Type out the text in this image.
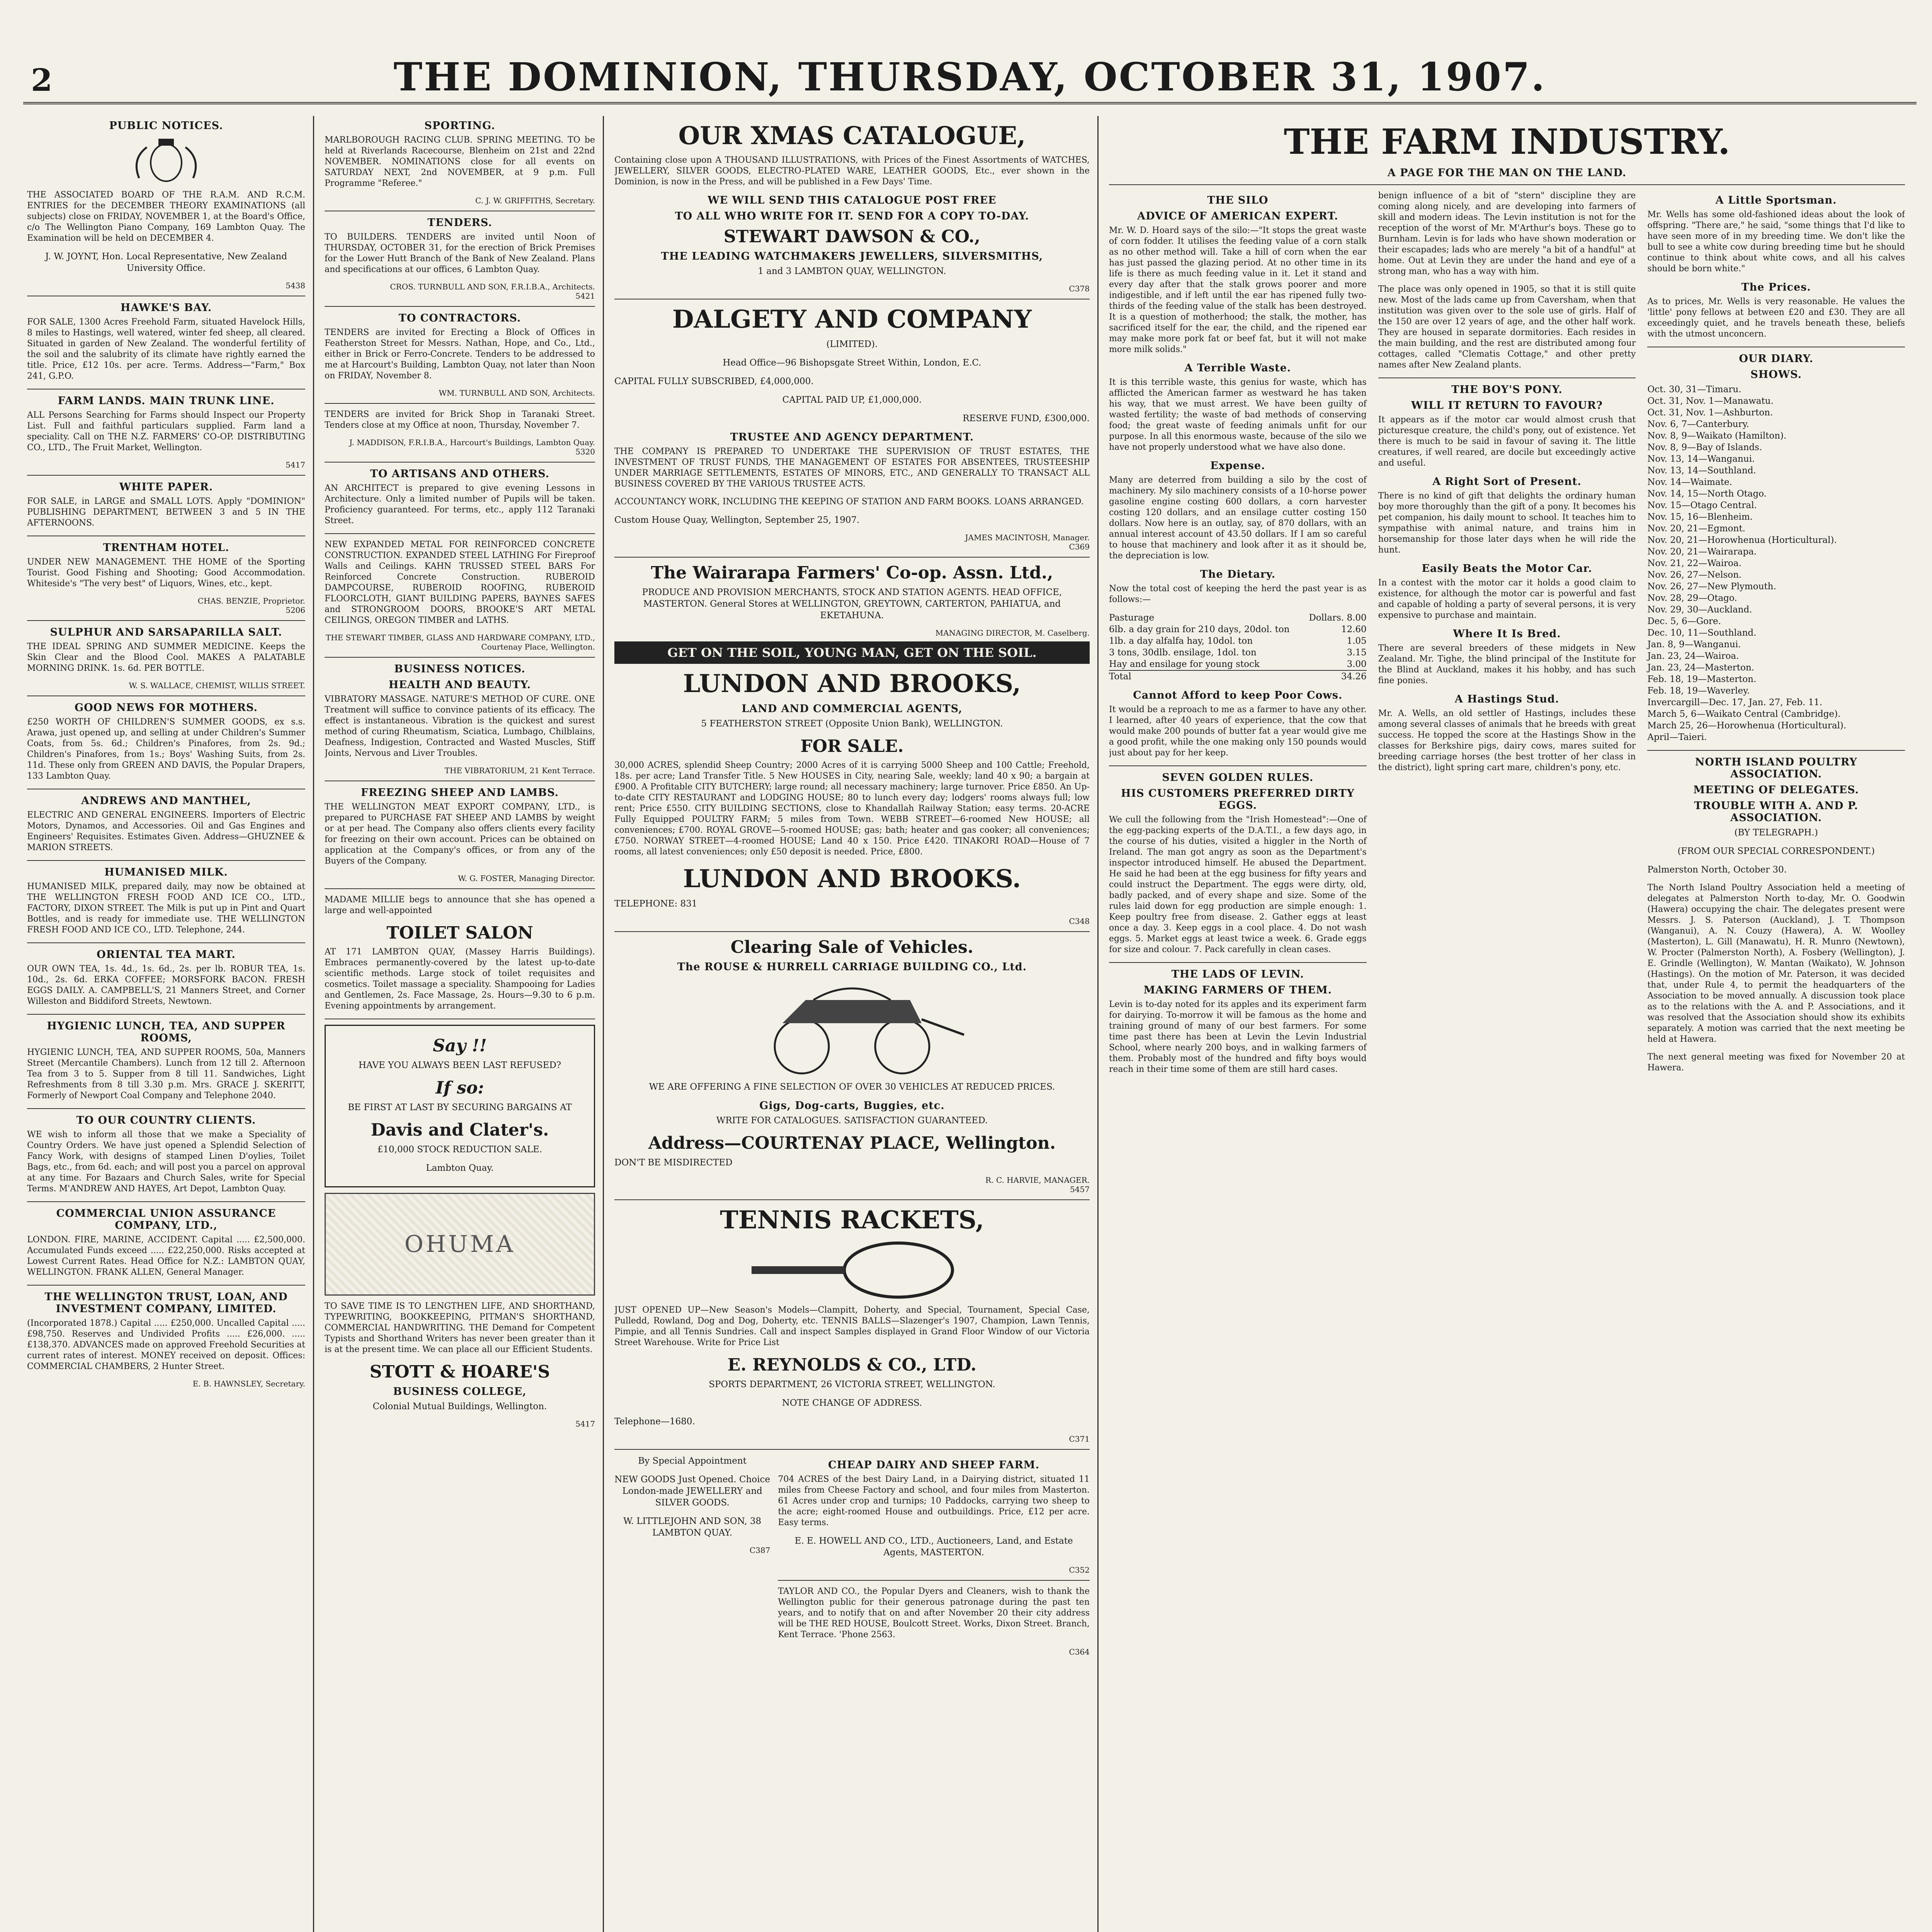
2	THE DOMINION, THURSDAY, OCTOBER 31, 1907.
PUBLIC NOTICES.
THE ASSOCIATED BOARD OF THE R.A.M. AND R.C.M. ENTRIES for the DECEMBER THEORY EXAMINATIONS (all subjects) close on FRIDAY, NOVEMBER 1, at the Board's Office, c/o The Wellington Piano Company, 169 Lambton Quay. The Examination will be held on DECEMBER 4.
J. W. JOYNT, Hon. Local Representative, New Zealand University Office.
5438
HAWKE'S BAY.
FOR SALE, 1300 Acres Freehold Farm, situated Havelock Hills, 8 miles to Hastings, well watered, winter fed sheep, all cleared. Situated in garden of New Zealand. The wonderful fertility of the soil and the salubrity of its climate have rightly earned the title. Price, £12 10s. per acre. Terms. Address—"Farm," Box 241, G.P.O.
FARM LANDS. MAIN TRUNK LINE.
ALL Persons Searching for Farms should Inspect our Property List. Full and faithful particulars supplied. Farm land a speciality. Call on THE N.Z. FARMERS' CO-OP. DISTRIBUTING CO., LTD., The Fruit Market, Wellington.
5417
WHITE PAPER.
FOR SALE, in LARGE and SMALL LOTS. Apply "DOMINION" PUBLISHING DEPARTMENT, BETWEEN 3 and 5 IN THE AFTERNOONS.
TRENTHAM HOTEL.
UNDER NEW MANAGEMENT. THE HOME of the Sporting Tourist. Good Fishing and Shooting; Good Accommodation. Whiteside's "The very best" of Liquors, Wines, etc., kept.
CHAS. BENZIE, Proprietor.
5206
SULPHUR AND SARSAPARILLA SALT.
THE IDEAL SPRING AND SUMMER MEDICINE. Keeps the Skin Clear and the Blood Cool. MAKES A PALATABLE MORNING DRINK. 1s. 6d. PER BOTTLE.
W. S. WALLACE, CHEMIST, WILLIS STREET.
GOOD NEWS FOR MOTHERS.
£250 WORTH OF CHILDREN'S SUMMER GOODS, ex s.s. Arawa, just opened up, and selling at under Children's Summer Coats, from 5s. 6d.; Children's Pinafores, from 2s. 9d.; Children's Pinafores, from 1s.; Boys' Washing Suits, from 2s. 11d. These only from GREEN AND DAVIS, the Popular Drapers, 133 Lambton Quay.
ANDREWS AND MANTHEL,
ELECTRIC AND GENERAL ENGINEERS. Importers of Electric Motors, Dynamos, and Accessories. Oil and Gas Engines and Engineers' Requisites. Estimates Given. Address—GHUZNEE & MARION STREETS.
HUMANISED MILK.
HUMANISED MILK, prepared daily, may now be obtained at THE WELLINGTON FRESH FOOD AND ICE CO., LTD., FACTORY, DIXON STREET. The Milk is put up in Pint and Quart Bottles, and is ready for immediate use. THE WELLINGTON FRESH FOOD AND ICE CO., LTD. Telephone, 244.
ORIENTAL TEA MART.
OUR OWN TEA, 1s. 4d., 1s. 6d., 2s. per lb. ROBUR TEA, 1s. 10d., 2s. 6d. ERKA COFFEE; MORSFORK BACON. FRESH EGGS DAILY. A. CAMPBELL'S, 21 Manners Street, and Corner Willeston and Biddiford Streets, Newtown.
HYGIENIC LUNCH, TEA, AND SUPPER ROOMS,
HYGIENIC LUNCH, TEA, AND SUPPER ROOMS, 50a, Manners Street (Mercantile Chambers). Lunch from 12 till 2. Afternoon Tea from 3 to 5. Supper from 8 till 11. Sandwiches, Light Refreshments from 8 till 3.30 p.m. Mrs. GRACE J. SKERITT, Formerly of Newport Coal Company and Telephone 2040.
TO OUR COUNTRY CLIENTS.
WE wish to inform all those that we make a Speciality of Country Orders. We have just opened a Splendid Selection of Fancy Work, with designs of stamped Linen D'oylies, Toilet Bags, etc., from 6d. each; and will post you a parcel on approval at any time. For Bazaars and Church Sales, write for Special Terms. M'ANDREW AND HAYES, Art Depot, Lambton Quay.
COMMERCIAL UNION ASSURANCE COMPANY, LTD.,
LONDON. FIRE, MARINE, ACCIDENT. Capital ..... £2,500,000. Accumulated Funds exceed ..... £22,250,000. Risks accepted at Lowest Current Rates. Head Office for N.Z.: LAMBTON QUAY, WELLINGTON. FRANK ALLEN, General Manager.
THE WELLINGTON TRUST, LOAN, AND INVESTMENT COMPANY, LIMITED.
(Incorporated 1878.) Capital ..... £250,000. Uncalled Capital ..... £98,750. Reserves and Undivided Profits ..... £26,000. ..... £138,370. ADVANCES made on approved Freehold Securities at current rates of interest. MONEY received on deposit. Offices: COMMERCIAL CHAMBERS, 2 Hunter Street.
E. B. HAWNSLEY, Secretary.
SPORTING.
MARLBOROUGH RACING CLUB. SPRING MEETING. TO be held at Riverlands Racecourse, Blenheim on 21st and 22nd NOVEMBER. NOMINATIONS close for all events on SATURDAY NEXT, 2nd NOVEMBER, at 9 p.m. Full Programme "Referee."
C. J. W. GRIFFITHS, Secretary.
TENDERS.
TO BUILDERS. TENDERS are invited until Noon of THURSDAY, OCTOBER 31, for the erection of Brick Premises for the Lower Hutt Branch of the Bank of New Zealand. Plans and specifications at our offices, 6 Lambton Quay.
CROS. TURNBULL AND SON, F.R.I.B.A., Architects.
5421
TO CONTRACTORS.
TENDERS are invited for Erecting a Block of Offices in Featherston Street for Messrs. Nathan, Hope, and Co., Ltd., either in Brick or Ferro-Concrete. Tenders to be addressed to me at Harcourt's Building, Lambton Quay, not later than Noon on FRIDAY, November 8.
WM. TURNBULL AND SON, Architects.
TENDERS are invited for Brick Shop in Taranaki Street. Tenders close at my Office at noon, Thursday, November 7.
J. MADDISON, F.R.I.B.A., Harcourt's Buildings, Lambton Quay.
5320
TO ARTISANS AND OTHERS.
AN ARCHITECT is prepared to give evening Lessons in Architecture. Only a limited number of Pupils will be taken. Proficiency guaranteed. For terms, etc., apply 112 Taranaki Street.
NEW EXPANDED METAL FOR REINFORCED CONCRETE CONSTRUCTION. EXPANDED STEEL LATHING For Fireproof Walls and Ceilings. KAHN TRUSSED STEEL BARS For Reinforced Concrete Construction. RUBEROID DAMPCOURSE, RUBEROID ROOFING, RUBEROID FLOORCLOTH, GIANT BUILDING PAPERS, BAYNES SAFES and STRONGROOM DOORS, BROOKE'S ART METAL CEILINGS, OREGON TIMBER and LATHS.
THE STEWART TIMBER, GLASS AND HARDWARE COMPANY, LTD., Courtenay Place, Wellington.
BUSINESS NOTICES.
HEALTH AND BEAUTY.
VIBRATORY MASSAGE. NATURE'S METHOD OF CURE. ONE Treatment will suffice to convince patients of its efficacy. The effect is instantaneous. Vibration is the quickest and surest method of curing Rheumatism, Sciatica, Lumbago, Chilblains, Deafness, Indigestion, Contracted and Wasted Muscles, Stiff Joints, Nervous and Liver Troubles.
THE VIBRATORIUM, 21 Kent Terrace.
FREEZING SHEEP AND LAMBS.
THE WELLINGTON MEAT EXPORT COMPANY, LTD., is prepared to PURCHASE FAT SHEEP AND LAMBS by weight or at per head. The Company also offers clients every facility for freezing on their own account. Prices can be obtained on application at the Company's offices, or from any of the Buyers of the Company.
W. G. FOSTER, Managing Director.
MADAME MILLIE begs to announce that she has opened a large and well-appointed
TOILET SALON
AT 171 LAMBTON QUAY, (Massey Harris Buildings). Embraces permanently-covered by the latest up-to-date scientific methods. Large stock of toilet requisites and cosmetics. Toilet massage a speciality. Shampooing for Ladies and Gentlemen, 2s. Face Massage, 2s. Hours—9.30 to 6 p.m. Evening appointments by arrangement.
Say !!
HAVE YOU ALWAYS BEEN LAST REFUSED?
If so:
BE FIRST AT LAST BY SECURING BARGAINS AT
Davis and Clater's.
£10,000 STOCK REDUCTION SALE.
Lambton Quay.
OHUMA
TO SAVE TIME IS TO LENGTHEN LIFE, AND SHORTHAND, TYPEWRITING, BOOKKEEPING, PITMAN'S SHORTHAND, COMMERCIAL HANDWRITING. THE Demand for Competent Typists and Shorthand Writers has never been greater than it is at the present time. We can place all our Efficient Students.
STOTT & HOARE'S
BUSINESS COLLEGE,
Colonial Mutual Buildings, Wellington.
5417
OUR XMAS CATALOGUE,
Containing close upon A THOUSAND ILLUSTRATIONS, with Prices of the Finest Assortments of WATCHES, JEWELLERY, SILVER GOODS, ELECTRO-PLATED WARE, LEATHER GOODS, Etc., ever shown in the Dominion, is now in the Press, and will be published in a Few Days' Time.
WE WILL SEND THIS CATALOGUE POST FREE
TO ALL WHO WRITE FOR IT. SEND FOR A COPY TO-DAY.
STEWART DAWSON & CO.,
THE LEADING WATCHMAKERS JEWELLERS, SILVERSMITHS,
1 and 3 LAMBTON QUAY, WELLINGTON.
C378
DALGETY AND COMPANY
(LIMITED).
Head Office—96 Bishopsgate Street Within, London, E.C.
CAPITAL FULLY SUBSCRIBED, £4,000,000.
CAPITAL PAID UP, £1,000,000.
RESERVE FUND, £300,000.
TRUSTEE AND AGENCY DEPARTMENT.
THE COMPANY IS PREPARED TO UNDERTAKE THE SUPERVISION OF TRUST ESTATES, THE INVESTMENT OF TRUST FUNDS, THE MANAGEMENT OF ESTATES FOR ABSENTEES, TRUSTEESHIP UNDER MARRIAGE SETTLEMENTS, ESTATES OF MINORS, ETC., AND GENERALLY TO TRANSACT ALL BUSINESS COVERED BY THE VARIOUS TRUSTEE ACTS.
ACCOUNTANCY WORK, INCLUDING THE KEEPING OF STATION AND FARM BOOKS. LOANS ARRANGED.
Custom House Quay, Wellington, September 25, 1907.
JAMES MACINTOSH, Manager.
C369
The Wairarapa Farmers' Co-op. Assn. Ltd.,
PRODUCE AND PROVISION MERCHANTS, STOCK AND STATION AGENTS. HEAD OFFICE, MASTERTON. General Stores at WELLINGTON, GREYTOWN, CARTERTON, PAHIATUA, and EKETAHUNA.
MANAGING DIRECTOR, M. Caselberg.
GET ON THE SOIL, YOUNG MAN, GET ON THE SOIL.
LUNDON AND BROOKS,
LAND AND COMMERCIAL AGENTS,
5 FEATHERSTON STREET (Opposite Union Bank), WELLINGTON.
FOR SALE.
30,000 ACRES, splendid Sheep Country; 2000 Acres of it is carrying 5000 Sheep and 100 Cattle; Freehold, 18s. per acre; Land Transfer Title. 5 New HOUSES in City, nearing Sale, weekly; land 40 x 90; a bargain at £900. A Profitable CITY BUTCHERY; large round; all necessary machinery; large turnover. Price £850. An Up-to-date CITY RESTAURANT and LODGING HOUSE; 80 to lunch every day; lodgers' rooms always full; low rent; Price £550. CITY BUILDING SECTIONS, close to Khandallah Railway Station; easy terms. 20-ACRE Fully Equipped POULTRY FARM; 5 miles from Town. WEBB STREET—6-roomed New HOUSE; all conveniences; £700. ROYAL GROVE—5-roomed HOUSE; gas; bath; heater and gas cooker; all conveniences; £750. NORWAY STREET—4-roomed HOUSE; Land 40 x 150. Price £420. TINAKORI ROAD—House of 7 rooms, all latest conveniences; only £50 deposit is needed. Price, £800.
LUNDON AND BROOKS.
TELEPHONE: 831
C348
Clearing Sale of Vehicles.
The ROUSE & HURRELL CARRIAGE BUILDING CO., Ltd.
WE ARE OFFERING A FINE SELECTION OF OVER 30 VEHICLES AT REDUCED PRICES.
Gigs, Dog-carts, Buggies, etc.
WRITE FOR CATALOGUES. SATISFACTION GUARANTEED.
Address—COURTENAY PLACE, Wellington.
DON'T BE MISDIRECTED
R. C. HARVIE, MANAGER.
5457
TENNIS RACKETS,
JUST OPENED UP—New Season's Models—Clampitt, Doherty, and Special, Tournament, Special Case, Pulledd, Rowland, Dog and Dog, Doherty, etc. TENNIS BALLS—Slazenger's 1907, Champion, Lawn Tennis, Pimpie, and all Tennis Sundries. Call and inspect Samples displayed in Grand Floor Window of our Victoria Street Warehouse. Write for Price List
E. REYNOLDS & CO., LTD.
SPORTS DEPARTMENT, 26 VICTORIA STREET, WELLINGTON.
NOTE CHANGE OF ADDRESS.
Telephone—1680.
C371
By Special Appointment
NEW GOODS Just Opened. Choice London-made JEWELLERY and SILVER GOODS.
W. LITTLEJOHN AND SON, 38 LAMBTON QUAY.
C387
CHEAP DAIRY AND SHEEP FARM.
704 ACRES of the best Dairy Land, in a Dairying district, situated 11 miles from Cheese Factory and school, and four miles from Masterton. 61 Acres under crop and turnips; 10 Paddocks, carrying two sheep to the acre; eight-roomed House and outbuildings. Price, £12 per acre. Easy terms.
E. E. HOWELL AND CO., LTD., Auctioneers, Land, and Estate Agents, MASTERTON.
C352
TAYLOR AND CO., the Popular Dyers and Cleaners, wish to thank the Wellington public for their generous patronage during the past ten years, and to notify that on and after November 20 their city address will be THE RED HOUSE, Boulcott Street. Works, Dixon Street. Branch, Kent Terrace. 'Phone 2563.
C364
THE FARM INDUSTRY.
A PAGE FOR THE MAN ON THE LAND.
THE SILO
ADVICE OF AMERICAN EXPERT.
Mr. W. D. Hoard says of the silo:—"It stops the great waste of corn fodder. It utilises the feeding value of a corn stalk as no other method will. Take a hill of corn when the ear has just passed the glazing period. At no other time in its life is there as much feeding value in it. Let it stand and every day after that the stalk grows poorer and more indigestible, and if left until the ear has ripened fully two-thirds of the feeding value of the stalk has been destroyed. It is a question of motherhood; the stalk, the mother, has sacrificed itself for the ear, the child, and the ripened ear may make more pork fat or beef fat, but it will not make more milk solids."
A Terrible Waste.
It is this terrible waste, this genius for waste, which has afflicted the American farmer as westward he has taken his way, that we must arrest. We have been guilty of wasted fertility; the waste of bad methods of conserving food; the great waste of feeding animals unfit for our purpose. In all this enormous waste, because of the silo we have not properly understood what we have also done.
Expense.
Many are deterred from building a silo by the cost of machinery. My silo machinery consists of a 10-horse power gasoline engine costing 600 dollars, a corn harvester costing 120 dollars, and an ensilage cutter costing 150 dollars. Now here is an outlay, say, of 870 dollars, with an annual interest account of 43.50 dollars. If I am so careful to house that machinery and look after it as it should be, the depreciation is low.
The Dietary.
Now the total cost of keeping the herd the past year is as follows:—
Pasturage	Dollars. 8.00
6lb. a day grain for 210 days, 20dol. ton	12.60
1lb. a day alfalfa hay, 10dol. ton	1.05
3 tons, 30dlb. ensilage, 1dol. ton	3.15
Hay and ensilage for young stock	3.00
Total	34.26
Cannot Afford to keep Poor Cows.
It would be a reproach to me as a farmer to have any other. I learned, after 40 years of experience, that the cow that would make 200 pounds of butter fat a year would give me a good profit, while the one making only 150 pounds would just about pay for her keep.
SEVEN GOLDEN RULES.
HIS CUSTOMERS PREFERRED DIRTY EGGS.
We cull the following from the "Irish Homestead":—One of the egg-packing experts of the D.A.T.I., a few days ago, in the course of his duties, visited a higgler in the North of Ireland. The man got angry as soon as the Department's inspector introduced himself. He abused the Department. He said he had been at the egg business for fifty years and could instruct the Department. The eggs were dirty, old, badly packed, and of every shape and size. Some of the rules laid down for egg production are simple enough: 1. Keep poultry free from disease. 2. Gather eggs at least once a day. 3. Keep eggs in a cool place. 4. Do not wash eggs. 5. Market eggs at least twice a week. 6. Grade eggs for size and colour. 7. Pack carefully in clean cases.
THE LADS OF LEVIN.
MAKING FARMERS OF THEM.
Levin is to-day noted for its apples and its experiment farm for dairying. To-morrow it will be famous as the home and training ground of many of our best farmers. For some time past there has been at Levin the Levin Industrial School, where nearly 200 boys, and in walking farmers of them. Probably most of the hundred and fifty boys would reach in their time some of them are still hard cases.
benign influence of a bit of "stern" discipline they are coming along nicely, and are developing into farmers of skill and modern ideas. The Levin institution is not for the reception of the worst of Mr. M'Arthur's boys. These go to Burnham. Levin is for lads who have shown moderation or their escapades; lads who are merely "a bit of a handful" at home. Out at Levin they are under the hand and eye of a strong man, who has a way with him.
The place was only opened in 1905, so that it is still quite new. Most of the lads came up from Caversham, when that institution was given over to the sole use of girls. Half of the 150 are over 12 years of age, and the other half work. They are housed in separate dormitories. Each resides in the main building, and the rest are distributed among four cottages, called "Clematis Cottage," and other pretty names after New Zealand plants.
THE BOY'S PONY.
WILL IT RETURN TO FAVOUR?
It appears as if the motor car would almost crush that picturesque creature, the child's pony, out of existence. Yet there is much to be said in favour of saving it. The little creatures, if well reared, are docile but exceedingly active and useful.
A Right Sort of Present.
There is no kind of gift that delights the ordinary human boy more thoroughly than the gift of a pony. It becomes his pet companion, his daily mount to school. It teaches him to sympathise with animal nature, and trains him in horsemanship for those later days when he will ride the hunt.
Easily Beats the Motor Car.
In a contest with the motor car it holds a good claim to existence, for although the motor car is powerful and fast and capable of holding a party of several persons, it is very expensive to purchase and maintain.
Where It Is Bred.
There are several breeders of these midgets in New Zealand. Mr. Tighe, the blind principal of the Institute for the Blind at Auckland, makes it his hobby, and has such fine ponies.
A Hastings Stud.
Mr. A. Wells, an old settler of Hastings, includes these among several classes of animals that he breeds with great success. He topped the score at the Hastings Show in the classes for Berkshire pigs, dairy cows, mares suited for breeding carriage horses (the best trotter of her class in the district), light spring cart mare, children's pony, etc.
A Little Sportsman.
Mr. Wells has some old-fashioned ideas about the look of offspring. "There are," he said, "some things that I'd like to have seen more of in my breeding time. We don't like the bull to see a white cow during breeding time but he should continue to think about white cows, and all his calves should be born white."
The Prices.
As to prices, Mr. Wells is very reasonable. He values the 'little' pony fellows at between £20 and £30. They are all exceedingly quiet, and he travels beneath these, beliefs with the utmost unconcern.
OUR DIARY.
SHOWS.
Oct. 30, 31—Timaru.
Oct. 31, Nov. 1—Manawatu.
Oct. 31, Nov. 1—Ashburton.
Nov. 6, 7—Canterbury.
Nov. 8, 9—Waikato (Hamilton).
Nov. 8, 9—Bay of Islands.
Nov. 13, 14—Wanganui.
Nov. 13, 14—Southland.
Nov. 14—Waimate.
Nov. 14, 15—North Otago.
Nov. 15—Otago Central.
Nov. 15, 16—Blenheim.
Nov. 20, 21—Egmont.
Nov. 20, 21—Horowhenua (Horticultural).
Nov. 20, 21—Wairarapa.
Nov. 21, 22—Wairoa.
Nov. 26, 27—Nelson.
Nov. 26, 27—New Plymouth.
Nov. 28, 29—Otago.
Nov. 29, 30—Auckland.
Dec. 5, 6—Gore.
Dec. 10, 11—Southland.
Jan. 8, 9—Wanganui.
Jan. 23, 24—Wairoa.
Jan. 23, 24—Masterton.
Feb. 18, 19—Masterton.
Feb. 18, 19—Waverley.
Invercargill—Dec. 17, Jan. 27, Feb. 11.
March 5, 6—Waikato Central (Cambridge).
March 25, 26—Horowhenua (Horticultural).
April—Taieri.
NORTH ISLAND POULTRY ASSOCIATION.
MEETING OF DELEGATES.
TROUBLE WITH A. AND P. ASSOCIATION.
(BY TELEGRAPH.)
(FROM OUR SPECIAL CORRESPONDENT.)
Palmerston North, October 30.
The North Island Poultry Association held a meeting of delegates at Palmerston North to-day, Mr. O. Goodwin (Hawera) occupying the chair. The delegates present were Messrs. J. S. Paterson (Auckland), J. T. Thompson (Wanganui), A. N. Couzy (Hawera), A. W. Woolley (Masterton), L. Gill (Manawatu), H. R. Munro (Newtown), W. Procter (Palmerston North), A. Fosbery (Wellington), J. E. Grindle (Wellington), W. Mantan (Waikato), W. Johnson (Hastings). On the motion of Mr. Paterson, it was decided that, under Rule 4, to permit the headquarters of the Association to be moved annually. A discussion took place as to the relations with the A. and P. Associations, and it was resolved that the Association should show its exhibits separately. A motion was carried that the next meeting be held at Hawera.
The next general meeting was fixed for November 20 at Hawera.
